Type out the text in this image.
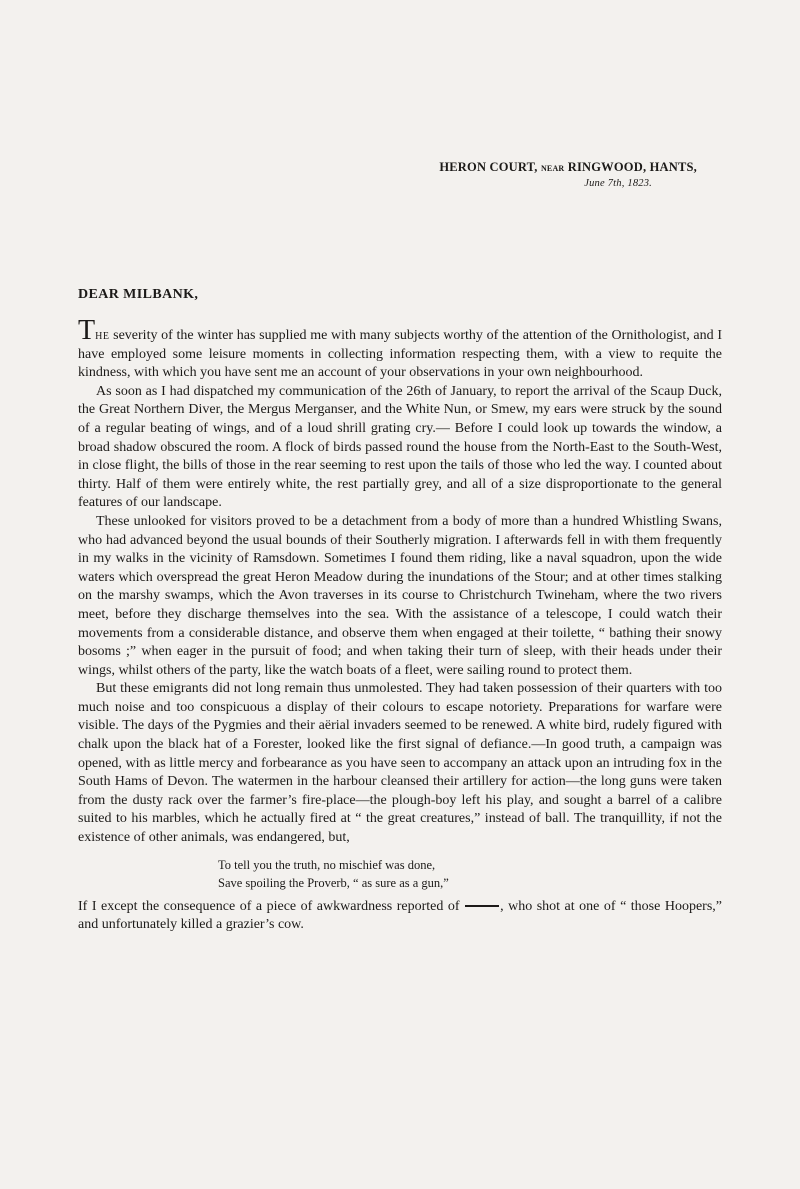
HERON COURT, NEAR RINGWOOD, HANTS,
June 7th, 1823.
DEAR MILBANK,

The severity of the winter has supplied me with many subjects worthy of the attention of the Ornithologist, and I have employed some leisure moments in collecting information respecting them, with a view to requite the kindness, with which you have sent me an account of your observations in your own neighbourhood.

As soon as I had dispatched my communication of the 26th of January, to report the arrival of the Scaup Duck, the Great Northern Diver, the Mergus Merganser, and the White Nun, or Smew, my ears were struck by the sound of a regular beating of wings, and of a loud shrill grating cry.— Before I could look up towards the window, a broad shadow obscured the room. A flock of birds passed round the house from the North-East to the South-West, in close flight, the bills of those in the rear seeming to rest upon the tails of those who led the way. I counted about thirty. Half of them were entirely white, the rest partially grey, and all of a size disproportionate to the general features of our landscape.

These unlooked for visitors proved to be a detachment from a body of more than a hundred Whistling Swans, who had advanced beyond the usual bounds of their Southerly migration. I afterwards fell in with them frequently in my walks in the vicinity of Ramsdown. Sometimes I found them riding, like a naval squadron, upon the wide waters which overspread the great Heron Meadow during the inundations of the Stour; and at other times stalking on the marshy swamps, which the Avon traverses in its course to Christchurch Twineham, where the two rivers meet, before they discharge themselves into the sea. With the assistance of a telescope, I could watch their movements from a considerable distance, and observe them when engaged at their toilette, “ bathing their snowy bosoms ;” when eager in the pursuit of food; and when taking their turn of sleep, with their heads under their wings, whilst others of the party, like the watch boats of a fleet, were sailing round to protect them.

But these emigrants did not long remain thus unmolested. They had taken possession of their quarters with too much noise and too conspicuous a display of their colours to escape notoriety. Preparations for warfare were visible. The days of the Pygmies and their aërial invaders seemed to be renewed. A white bird, rudely figured with chalk upon the black hat of a Forester, looked like the first signal of defiance.—In good truth, a campaign was opened, with as little mercy and forbearance as you have seen to accompany an attack upon an intruding fox in the South Hams of Devon. The watermen in the harbour cleansed their artillery for action—the long guns were taken from the dusty rack over the farmer’s fire-place—the plough-boy left his play, and sought a barrel of a calibre suited to his marbles, which he actually fired at “ the great creatures,” instead of ball. The tranquillity, if not the existence of other animals, was endangered, but,

To tell you the truth, no mischief was done,
Save spoiling the Proverb, “ as sure as a gun,”

If I except the consequence of a piece of awkwardness reported of	, who shot at one of “ those Hoopers,” and unfortunately killed a grazier’s cow.
